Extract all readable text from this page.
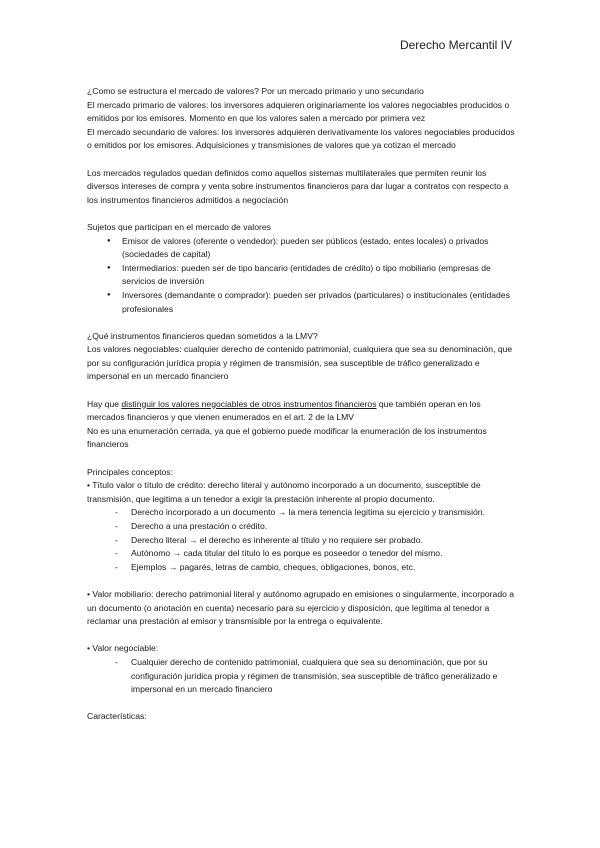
Derecho Mercantil IV

¿Como se estructura el mercado de valores? Por un mercado primario y uno secundario

El mercado primario de valores: los inversores adquieren originariamente los valores negociables producidos o emitidos por los emisores. Momento en que los valores salen a mercado por primera vez

El mercado secundario de valores: los inversores adquieren derivativamente los valores negociables producidos o emitidos por los emisores. Adquisiciones y transmisiones de valores que ya cotizan el mercado

Los mercados regulados quedan definidos como aquellos sistemas multilaterales que permiten reunir los diversos intereses de compra y venta sobre instrumentos financieros para dar lugar a contratos con respecto a los instrumentos financieros admitidos a negociación

Sujetos que participan en el mercado de valores

● Emisor de valores (oferente o vendedor): pueden ser públicos (estado, entes locales) o privados (sociedades de capital)
● Intermediarios: pueden ser de tipo bancario (entidades de crédito) o tipo mobiliario (empresas de servicios de inversión
● Inversores (demandante o comprador): pueden ser privados (particulares) o institucionales (entidades profesionales

¿Qué instrumentos financieros quedan sometidos a la LMV?

Los valores negociables: cualquier derecho de contenido patrimonial, cualquiera que sea su denominación, que por su configuración jurídica propia y régimen de transmisión, sea susceptible de tráfico generalizado e impersonal en un mercado financiero

Hay que distinguir los valores negociables de otros instrumentos financieros que también operan en los mercados financieros y que vienen enumerados en el art. 2 de la LMV

No es una enumeración cerrada, ya que el gobierno puede modificar la enumeración de los instrumentos financieros

Principales conceptos:

• Título valor o título de crédito: derecho literal y autónomo incorporado a un documento, susceptible de transmisión, que legitima a un tenedor a exigir la prestación inherente al propio documento.

- Derecho incorporado a un documento → la mera tenencia legitima su ejercicio y transmisión.
- Derecho a una prestación o crédito.
- Derecho literal → el derecho es inherente al título y no requiere ser probado.
- Autónomo → cada titular del título lo es porque es poseedor o tenedor del mismo.
- Ejemplos → pagarés, letras de cambio, cheques, obligaciones, bonos, etc.

• Valor mobiliario: derecho patrimonial literal y autónomo agrupado en emisiones o singularmente, incorporado a un documento (o anotación en cuenta) necesario para su ejercicio y disposición, que legitima al tenedor a reclamar una prestación al emisor y transmisible por la entrega o equivalente.

• Valor negociable:

- Cualquier derecho de contenido patrimonial, cualquiera que sea su denominación, que por su configuración jurídica propia y régimen de transmisión, sea susceptible de tráfico generalizado e impersonal en un mercado financiero

Características:
